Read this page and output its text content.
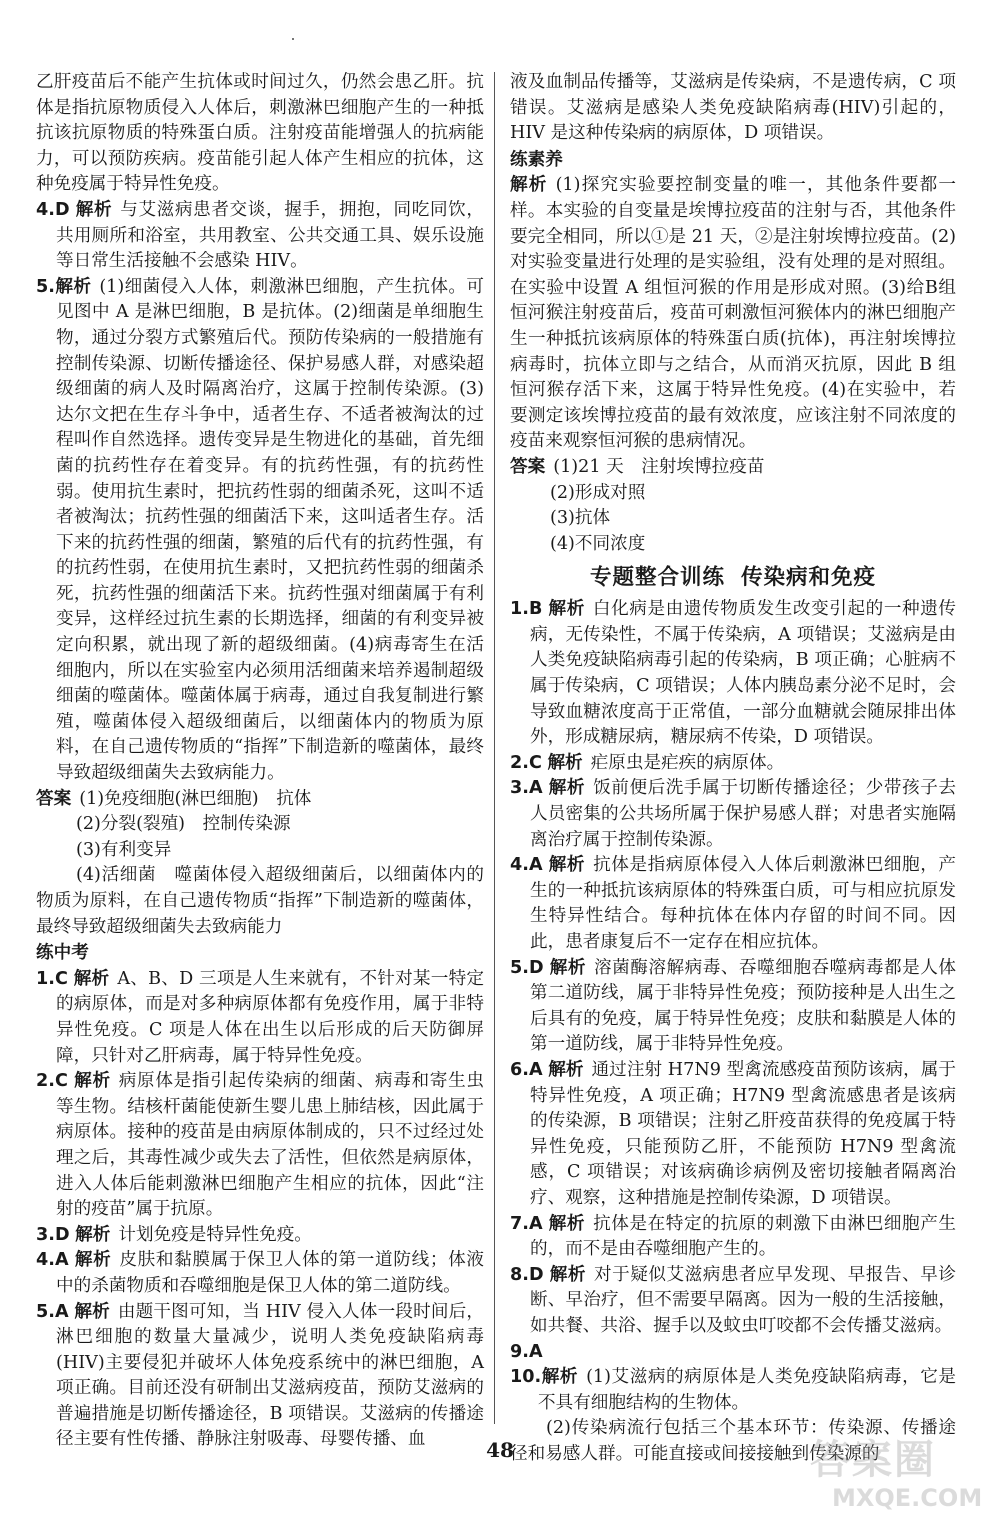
乙肝疫苗后不能产生抗体或时间过久，仍然会患乙肝。抗体是指抗原物质侵入人体后，刺激淋巴细胞产生的一种抵抗该抗原物质的特殊蛋白质。注射疫苗能增强人的抗病能力，可以预防疾病。疫苗能引起人体产生相应的抗体，这种免疫属于特异性免疫。

4.D 解析 与艾滋病患者交谈，握手，拥抱，同吃同饮，共用厕所和浴室，共用教室、公共交通工具、娱乐设施等日常生活接触不会感染 HIV。

5.解析 (1)细菌侵入人体，刺激淋巴细胞，产生抗体。可见图中 A 是淋巴细胞，B 是抗体。(2)细菌是单细胞生物，通过分裂方式繁殖后代。预防传染病的一般措施有控制传染源、切断传播途径、保护易感人群，对感染超级细菌的病人及时隔离治疗，这属于控制传染源。(3)达尔文把在生存斗争中，适者生存、不适者被淘汰的过程叫作自然选择。遗传变异是生物进化的基础，首先细菌的抗药性存在着变异。有的抗药性强，有的抗药性弱。使用抗生素时，把抗药性弱的细菌杀死，这叫不适者被淘汰；抗药性强的细菌活下来，这叫适者生存。活下来的抗药性强的细菌，繁殖的后代有的抗药性强，有的抗药性弱，在使用抗生素时，又把抗药性弱的细菌杀死，抗药性强的细菌活下来。抗药性强对细菌属于有利变异，这样经过抗生素的长期选择，细菌的有利变异被定向积累，就出现了新的超级细菌。(4)病毒寄生在活细胞内，所以在实验室内必须用活细菌来培养遏制超级细菌的噬菌体。噬菌体属于病毒，通过自我复制进行繁殖，噬菌体侵入超级细菌后，以细菌体内的物质为原料，在自己遗传物质的“指挥”下制造新的噬菌体，最终导致超级细菌失去致病能力。

答案 (1)免疫细胞(淋巴细胞)　抗体

(2)分裂(裂殖)　控制传染源

(3)有利变异

(4)活细菌　噬菌体侵入超级细菌后，以细菌体内的物质为原料，在自己遗传物质“指挥”下制造新的噬菌体，最终导致超级细菌失去致病能力

练中考

1.C 解析 A、B、D 三项是人生来就有，不针对某一特定的病原体，而是对多种病原体都有免疫作用，属于非特异性免疫。C 项是人体在出生以后形成的后天防御屏障，只针对乙肝病毒，属于特异性免疫。

2.C 解析 病原体是指引起传染病的细菌、病毒和寄生虫等生物。结核杆菌能使新生婴儿患上肺结核，因此属于病原体。接种的疫苗是由病原体制成的，只不过经过处理之后，其毒性减少或失去了活性，但依然是病原体，进入人体后能刺激淋巴细胞产生相应的抗体，因此“注射的疫苗”属于抗原。

3.D 解析 计划免疫是特异性免疫。

4.A 解析 皮肤和黏膜属于保卫人体的第一道防线；体液中的杀菌物质和吞噬细胞是保卫人体的第二道防线。

5.A 解析 由题干图可知，当 HIV 侵入人体一段时间后，淋巴细胞的数量大量减少，说明人类免疫缺陷病毒(HIV)主要侵犯并破坏人体免疫系统中的淋巴细胞，A 项正确。目前还没有研制出艾滋病疫苗，预防艾滋病的普遍措施是切断传播途径，B 项错误。艾滋病的传播途径主要有性传播、静脉注射吸毒、母婴传播、血

液及血制品传播等，艾滋病是传染病，不是遗传病，C 项错误。艾滋病是感染人类免疫缺陷病毒(HIV)引起的，HIV 是这种传染病的病原体，D 项错误。

练素养

解析 (1)探究实验要控制变量的唯一，其他条件要都一样。本实验的自变量是埃博拉疫苗的注射与否，其他条件要完全相同，所以①是 21 天，②是注射埃博拉疫苗。(2)对实验变量进行处理的是实验组，没有处理的是对照组。在实验中设置 A 组恒河猴的作用是形成对照。(3)给B组恒河猴注射疫苗后，疫苗可刺激恒河猴体内的淋巴细胞产生一种抵抗该病原体的特殊蛋白质(抗体)，再注射埃博拉病毒时，抗体立即与之结合，从而消灭抗原，因此 B 组恒河猴存活下来，这属于特异性免疫。(4)在实验中，若要测定该埃博拉疫苗的最有效浓度，应该注射不同浓度的疫苗来观察恒河猴的患病情况。

答案 (1)21 天　注射埃博拉疫苗

(2)形成对照

(3)抗体

(4)不同浓度

专题整合训练 传染病和免疫

1.B 解析 白化病是由遗传物质发生改变引起的一种遗传病，无传染性，不属于传染病，A 项错误；艾滋病是由人类免疫缺陷病毒引起的传染病，B 项正确；心脏病不属于传染病，C 项错误；人体内胰岛素分泌不足时，会导致血糖浓度高于正常值，一部分血糖就会随尿排出体外，形成糖尿病，糖尿病不传染，D 项错误。

2.C 解析 疟原虫是疟疾的病原体。

3.A 解析 饭前便后洗手属于切断传播途径；少带孩子去人员密集的公共场所属于保护易感人群；对患者实施隔离治疗属于控制传染源。

4.A 解析 抗体是指病原体侵入人体后刺激淋巴细胞，产生的一种抵抗该病原体的特殊蛋白质，可与相应抗原发生特异性结合。每种抗体在体内存留的时间不同。因此，患者康复后不一定存在相应抗体。

5.D 解析 溶菌酶溶解病毒、吞噬细胞吞噬病毒都是人体第二道防线，属于非特异性免疫；预防接种是人出生之后具有的免疫，属于特异性免疫；皮肤和黏膜是人体的第一道防线，属于非特异性免疫。

6.A 解析 通过注射 H7N9 型禽流感疫苗预防该病，属于特异性免疫，A 项正确；H7N9 型禽流感患者是该病的传染源，B 项错误；注射乙肝疫苗获得的免疫属于特异性免疫，只能预防乙肝，不能预防 H7N9 型禽流感，C 项错误；对该病确诊病例及密切接触者隔离治疗、观察，这种措施是控制传染源，D 项错误。

7.A 解析 抗体是在特定的抗原的刺激下由淋巴细胞产生的，而不是由吞噬细胞产生的。

8.D 解析 对于疑似艾滋病患者应早发现、早报告、早诊断、早治疗，但不需要早隔离。因为一般的生活接触，如共餐、共浴、握手以及蚊虫叮咬都不会传播艾滋病。

9.A

10.解析 (1)艾滋病的病原体是人类免疫缺陷病毒，它是不具有细胞结构的生物体。

(2)传染病流行包括三个基本环节：传染源、传播途径和易感人群。可能直接或间接接触到传染源的

48	答案圈
MXQE.COM
